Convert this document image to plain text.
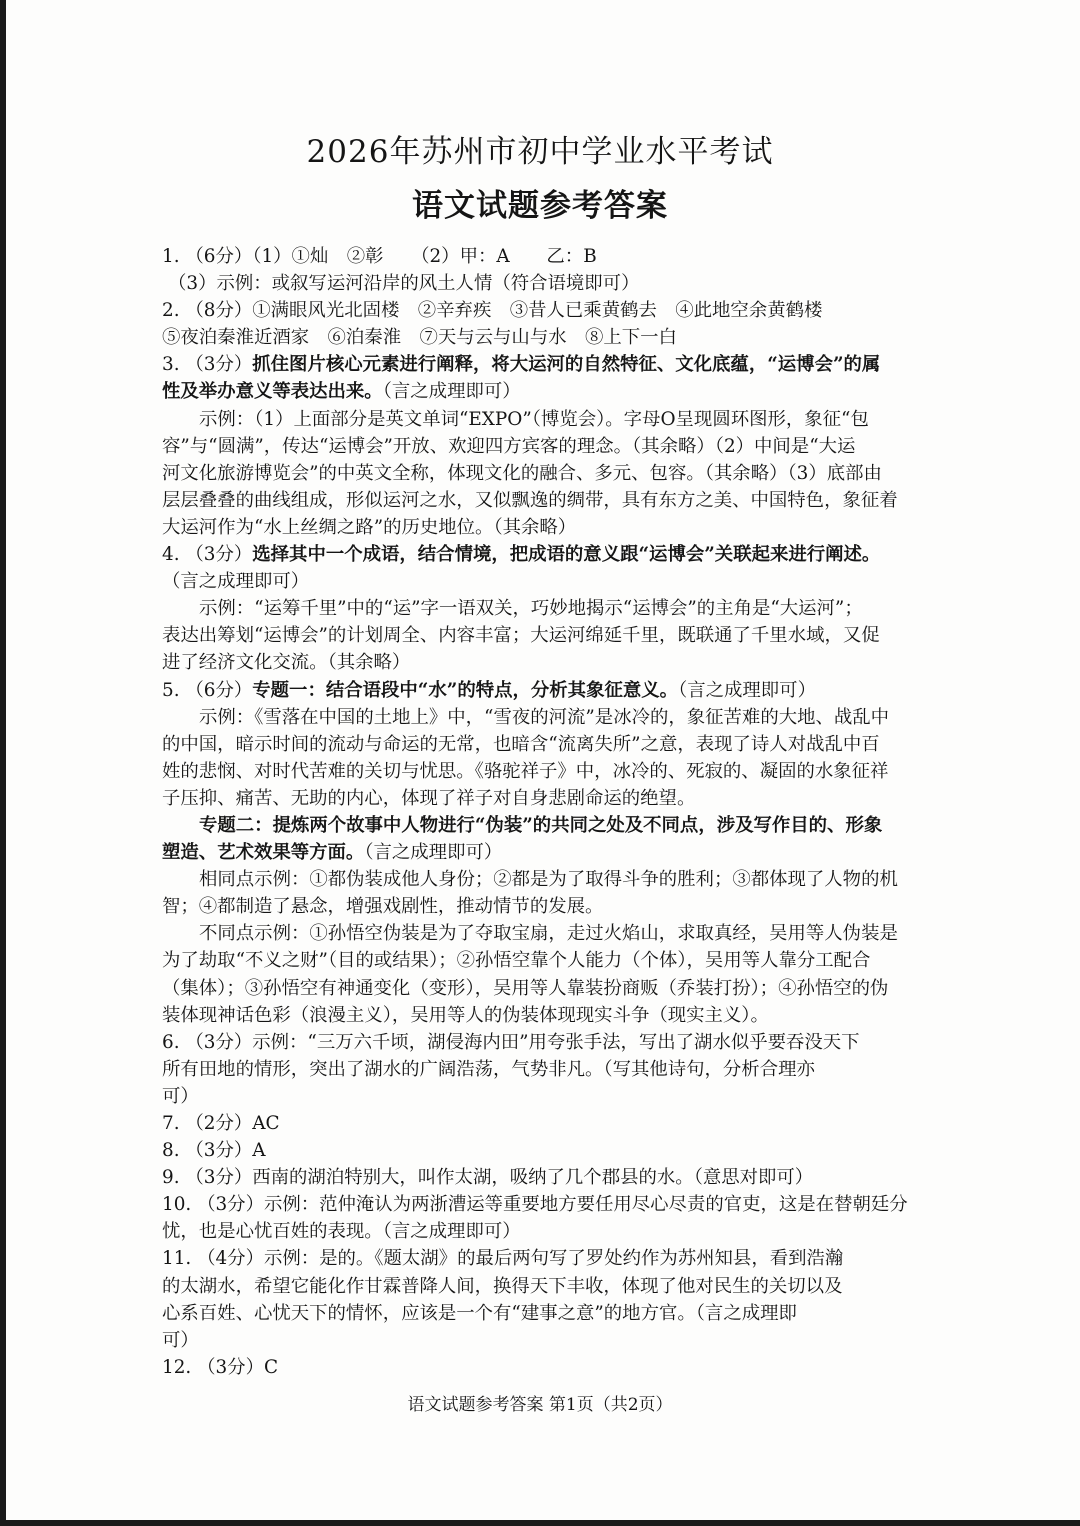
2026年苏州市初中学业水平考试
语文试题参考答案
1. （6分）（1）①灿　②彰　　（2）甲：A　　乙：B
（3）示例：或叙写运河沿岸的风土人情（符合语境即可）
2. （8分）①满眼风光北固楼　②辛弃疾　③昔人已乘黄鹤去　④此地空余黄鹤楼
⑤夜泊秦淮近酒家　⑥泊秦淮　⑦天与云与山与水　⑧上下一白
3. （3分）抓住图片核心元素进行阐释，将大运河的自然特征、文化底蕴，“运博会”的属
性及举办意义等表达出来。（言之成理即可）
示例：（1）上面部分是英文单词“EXPO”（博览会）。字母O呈现圆环图形，象征“包
容”与“圆满”，传达“运博会”开放、欢迎四方宾客的理念。（其余略）（2）中间是“大运
河文化旅游博览会”的中英文全称，体现文化的融合、多元、包容。（其余略）（3）底部由
层层叠叠的曲线组成，形似运河之水，又似飘逸的绸带，具有东方之美、中国特色，象征着
大运河作为“水上丝绸之路”的历史地位。（其余略）
4. （3分）选择其中一个成语，结合情境，把成语的意义跟“运博会”关联起来进行阐述。
（言之成理即可）
示例：“运筹千里”中的“运”字一语双关，巧妙地揭示“运博会”的主角是“大运河”；
表达出筹划“运博会”的计划周全、内容丰富；大运河绵延千里，既联通了千里水域，又促
进了经济文化交流。（其余略）
5. （6分）专题一：结合语段中“水”的特点，分析其象征意义。（言之成理即可）
示例：《雪落在中国的土地上》中，“雪夜的河流”是冰冷的，象征苦难的大地、战乱中
的中国，暗示时间的流动与命运的无常，也暗含“流离失所”之意，表现了诗人对战乱中百
姓的悲悯、对时代苦难的关切与忧思。《骆驼祥子》中，冰冷的、死寂的、凝固的水象征祥
子压抑、痛苦、无助的内心，体现了祥子对自身悲剧命运的绝望。
专题二：提炼两个故事中人物进行“伪装”的共同之处及不同点，涉及写作目的、形象
塑造、艺术效果等方面。（言之成理即可）
相同点示例：①都伪装成他人身份；②都是为了取得斗争的胜利；③都体现了人物的机
智；④都制造了悬念，增强戏剧性，推动情节的发展。
不同点示例：①孙悟空伪装是为了夺取宝扇，走过火焰山，求取真经，吴用等人伪装是
为了劫取“不义之财”（目的或结果）；②孙悟空靠个人能力（个体），吴用等人靠分工配合
（集体）；③孙悟空有神通变化（变形），吴用等人靠装扮商贩（乔装打扮）；④孙悟空的伪
装体现神话色彩（浪漫主义），吴用等人的伪装体现现实斗争（现实主义）。
6. （3分）示例：“三万六千顷，湖侵海内田”用夸张手法，写出了湖水似乎要吞没天下
所有田地的情形，突出了湖水的广阔浩荡，气势非凡。（写其他诗句，分析合理亦
可）
7. （2分）AC
8. （3分）A
9. （3分）西南的湖泊特别大，叫作太湖，吸纳了几个郡县的水。（意思对即可）
10. （3分）示例：范仲淹认为两浙漕运等重要地方要任用尽心尽责的官吏，这是在替朝廷分
忧，也是心忧百姓的表现。（言之成理即可）
11. （4分）示例：是的。《题太湖》的最后两句写了罗处约作为苏州知县，看到浩瀚
的太湖水，希望它能化作甘霖普降人间，换得天下丰收，体现了他对民生的关切以及
心系百姓、心忧天下的情怀，应该是一个有“建事之意”的地方官。（言之成理即
可）
12. （3分）C
语文试题参考答案 第1页（共2页）
